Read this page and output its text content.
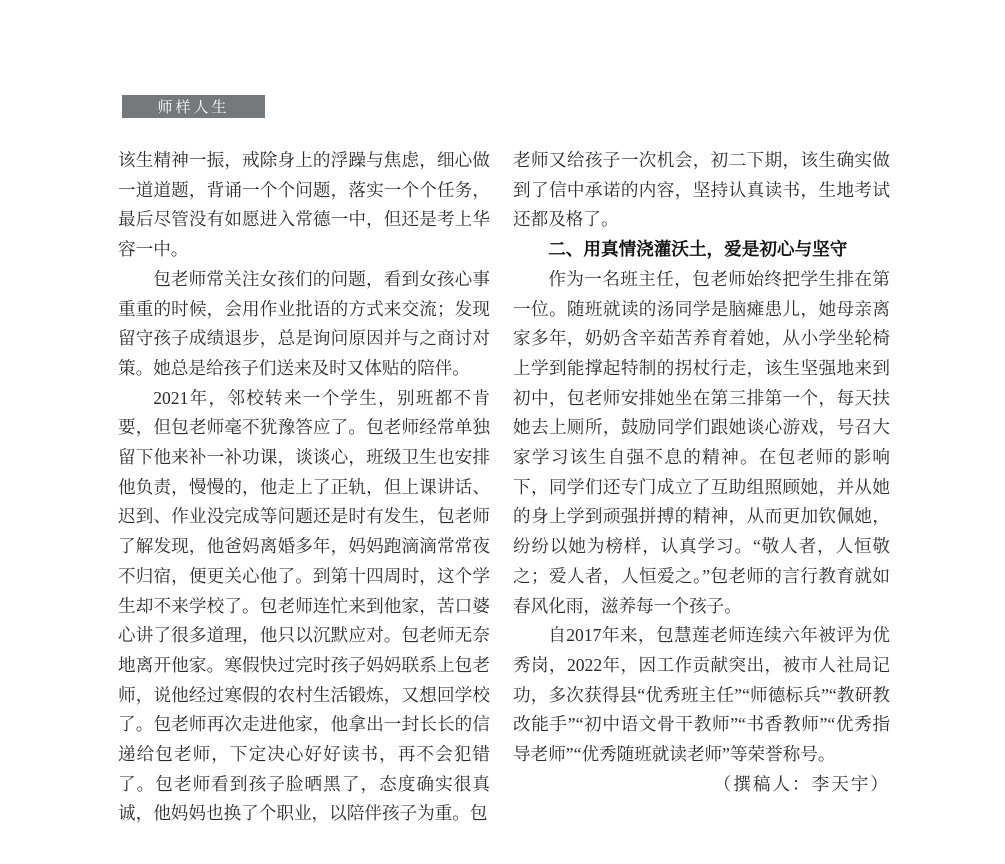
师样人生

该生精神一振，戒除身上的浮躁与焦虑，细心做一道道题，背诵一个个问题，落实一个个任务，最后尽管没有如愿进入常德一中，但还是考上华容一中。

包老师常关注女孩们的问题，看到女孩心事重重的时候，会用作业批语的方式来交流；发现留守孩子成绩退步，总是询问原因并与之商讨对策。她总是给孩子们送来及时又体贴的陪伴。

2021年，邻校转来一个学生，别班都不肯要，但包老师毫不犹豫答应了。包老师经常单独留下他来补一补功课，谈谈心，班级卫生也安排他负责，慢慢的，他走上了正轨，但上课讲话、迟到、作业没完成等问题还是时有发生，包老师了解发现，他爸妈离婚多年，妈妈跑滴滴常常夜不归宿，便更关心他了。到第十四周时，这个学生却不来学校了。包老师连忙来到他家，苦口婆心讲了很多道理，他只以沉默应对。包老师无奈地离开他家。寒假快过完时孩子妈妈联系上包老师，说他经过寒假的农村生活锻炼，又想回学校了。包老师再次走进他家，他拿出一封长长的信递给包老师，下定决心好好读书，再不会犯错了。包老师看到孩子脸晒黑了，态度确实很真诚，他妈妈也换了个职业，以陪伴孩子为重。包

老师又给孩子一次机会，初二下期，该生确实做到了信中承诺的内容，坚持认真读书，生地考试还都及格了。

二、用真情浇灌沃土，爱是初心与坚守

作为一名班主任，包老师始终把学生排在第一位。随班就读的汤同学是脑瘫患儿，她母亲离家多年，奶奶含辛茹苦养育着她，从小学坐轮椅上学到能撑起特制的拐杖行走，该生坚强地来到初中，包老师安排她坐在第三排第一个，每天扶她去上厕所，鼓励同学们跟她谈心游戏，号召大家学习该生自强不息的精神。在包老师的影响下，同学们还专门成立了互助组照顾她，并从她的身上学到顽强拼搏的精神，从而更加钦佩她，纷纷以她为榜样，认真学习。“敬人者，人恒敬之；爱人者，人恒爱之。”包老师的言行教育就如春风化雨，滋养每一个孩子。

自2017年来，包慧莲老师连续六年被评为优秀岗，2022年，因工作贡献突出，被市人社局记功，多次获得县“优秀班主任”“师德标兵”“教研教改能手”“初中语文骨干教师”“书香教师”“优秀指导老师”“优秀随班就读老师”等荣誉称号。

（撰稿人：李天宇）
